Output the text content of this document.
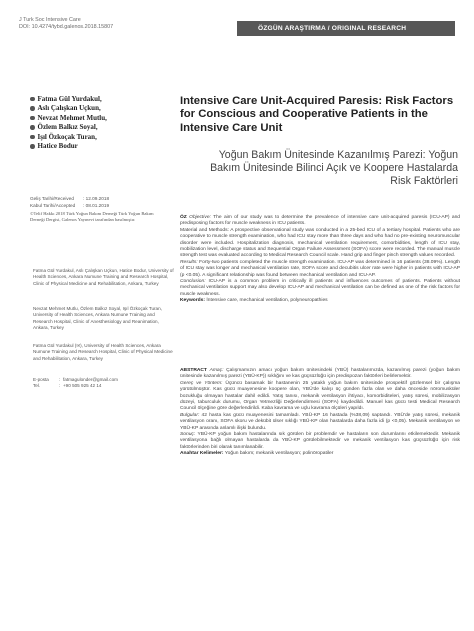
J Turk Soc Intensive Care
DOI: 10.4274/tybd.galenos.2018.15807	ÖZGÜN ARAŞTIRMA / ORIGINAL RESEARCH
Fatma Gül Yurdakul,
Aslı Çalışkan Uçkun,
Nevzat Mehmet Mutlu,
Özlem Balkız Soyal,
Işıl Özkoçak Turan,
Hatice Bodur
Intensive Care Unit-Acquired Paresis: Risk Factors for Conscious and Cooperative Patients in the Intensive Care Unit
Yoğun Bakım Ünitesinde Kazanılmış Parezi: Yoğun Bakım Ünitesinde Bilinci Açık ve Koopere Hastalarda Risk Faktörleri
Geliş Tarihi/Received	: 12.09.2018
Kabul Tarihi/Accepted	: 08.01.2019
©Telif Hakkı 2018 Türk Yoğun Bakım Derneği Türk Yoğun Bakım Derneği Dergisi, Galenos Yayınevi tarafından basılmıştır.
Fatma Gül Yurdakul, Aslı Çalışkan Uçkun, Hatice Bodur, University of Health Sciences, Ankara Numune Training and Research Hospital, Clinic of Physical Medicine and Rehabilitation, Ankara, Turkey
Nevzat Mehmet Mutlu, Özlem Balkız Soyal, Işıl Özkoçak Turan, University of Health Sciences, Ankara Numune Training and Research Hospital, Clinic of Anesthesiology and Reanimation, Ankara, Turkey
Fatma Gül Yurdakul (✉), University of Health Sciences, Ankara Numune Training and Research Hospital, Clinic of Physical Medicine and Rehabilitation, Ankara, Turkey
E-posta	: fatmagulonder@gmail.com
Tel.	: +90 505 925 42 14
ÖZ Objective: The aim of our study was to determine the prevalence of intensive care unit-acquired paresis (ICU-AP) and predisposing factors for muscle weakness in ICU patients.
Material and Methods: A prospective observational study was conducted in a 25-bed ICU of a tertiary hospital. Patients who are cooperative to muscle strength examination, who had ICU stay more than three days and who had no pre-existing neuromuscular disorder were included. Hospitalization diagnosis, mechanical ventilation requirement, comorbidities, length of ICU stay, mobilization level, discharge status and Sequential Organ Failure Assessment (SOFA) score were recorded. The manual muscle strength test was evaluated according to Medical Research Council scale. Hand grip and finger pinch strength values recorded.
Results: Forty-two patients completed the muscle strength examination. ICU-AP was determined in 16 patients (38.09%). Length of ICU stay was longer and mechanical ventilation rate, SOFA score and decubitis ulcer rate were higher in patients with ICU-AP (p <0.05). A significant relationship was found between mechanical ventilation and ICU-AP.
Conclusion: ICU-AP is a common problem in critically ill patients and influences outcomes of patients. Patients without mechanical ventilation support may also develop ICU-AP and mechanical ventilation can be defined as one of the risk factors for muscle weakness.
Keywords: İntensive care, mechanical ventilation, polyneuropathies
ABSTRACT Amaç: Çalışmamızın amacı yoğun bakım ünitesindeki (YBÜ) hastalarımızda, kazanılmış parezi (yoğun bakım ünitesinde kazanılmış parezi (YBÜ-KP)) sıklığını ve kas güçsüzlüğü için predispozan faktörleri belirlemektir.
Gereç ve Yöntem: Üçüncü basamak bir hastanenin 25 yataklı yoğun bakım ünitesinde prospektif gözlemsel bir çalışma yürütülmüştür. Kas gücü muayenesine koopere olan, YBÜ'de kalışı üç günden fazla olan ve daha önceside nöromusküler bozukluğu olmayan hastalar dahil edildi. Yatış tanısı, mekanik ventilasyon ihtiyacı, komorbiditeleri, yatış süresi, mobilizasyon düzeyi, taburculuk durumu, Organ Yetmezliği Değerlendirmesi (SOFA) kaydedildi. Manuel kas gücü testi Medical Research Council ölçeğine göre değerlendirildi. Kaba kavrama ve uçlu kavrama ölçüleri yapıldı.
Bulgular: 42 hasta kas gücü muayenesini tamamladı. YBÜ-KP 16 hastada (%38,09) saptandı. YBÜ'de yatış süresi, mekanik ventilasyon oranı, SOFA skoru ve dekübit ülser sıklığı YBÜ-KP olan hastalarda daha fazla idi (p <0,05). Mekanik ventilasyon ve YBÜ-KP arasında anlamlı ilişki bulundu.
Sonuç: YBÜ-KP yoğun bakım hastalarında sık görülen bir problemdir ve hastaların son durumlarını etkilemektedir. Mekanik ventilasyona bağlı olmayan hastalarda da YBÜ-KP görülebilmektedir ve mekanik ventilasyon kas güçsüzlüğü için risk faktörlerinden biri olarak tanımlanabilir.
Anahtar Kelimeler: Yoğun bakım; mekanik ventilasyon; polinöropatiler
